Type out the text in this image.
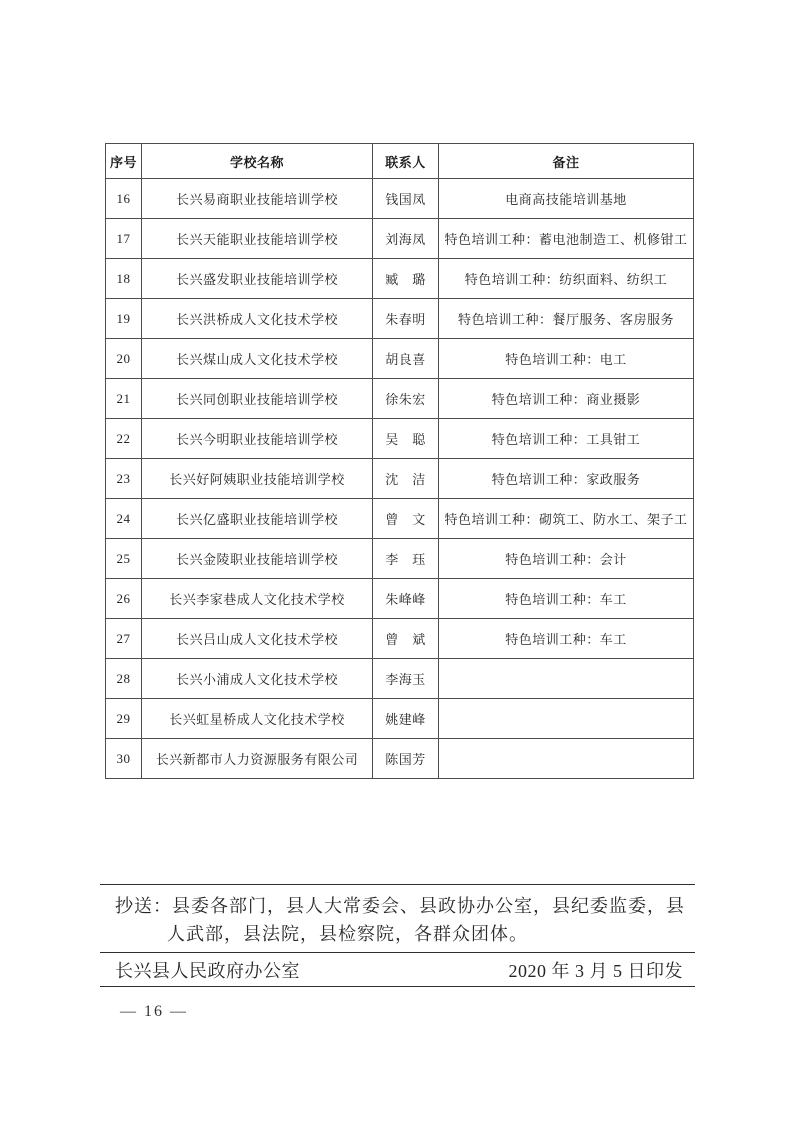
序号	学校名称	联系人	备注
16	长兴易商职业技能培训学校	钱国凤	电商高技能培训基地
17	长兴天能职业技能培训学校	刘海凤	特色培训工种：蓄电池制造工、机修钳工
18	长兴盛发职业技能培训学校	臧　璐	特色培训工种：纺织面料、纺织工
19	长兴洪桥成人文化技术学校	朱春明	特色培训工种：餐厅服务、客房服务
20	长兴煤山成人文化技术学校	胡良喜	特色培训工种：电工
21	长兴同创职业技能培训学校	徐朱宏	特色培训工种：商业摄影
22	长兴今明职业技能培训学校	吴　聪	特色培训工种：工具钳工
23	长兴好阿姨职业技能培训学校	沈　洁	特色培训工种：家政服务
24	长兴亿盛职业技能培训学校	曾　文	特色培训工种：砌筑工、防水工、架子工
25	长兴金陵职业技能培训学校	李　珏	特色培训工种：会计
26	长兴李家巷成人文化技术学校	朱峰峰	特色培训工种：车工
27	长兴吕山成人文化技术学校	曾　斌	特色培训工种：车工
28	长兴小浦成人文化技术学校	李海玉	
29	长兴虹星桥成人文化技术学校	姚建峰	
30	长兴新都市人力资源服务有限公司	陈国芳	
抄送：县委各部门，县人大常委会、县政协办公室，县纪委监委，县
人武部，县法院，县检察院，各群众团体。
长兴县人民政府办公室	2020 年 3 月 5 日印发
— 16 —
